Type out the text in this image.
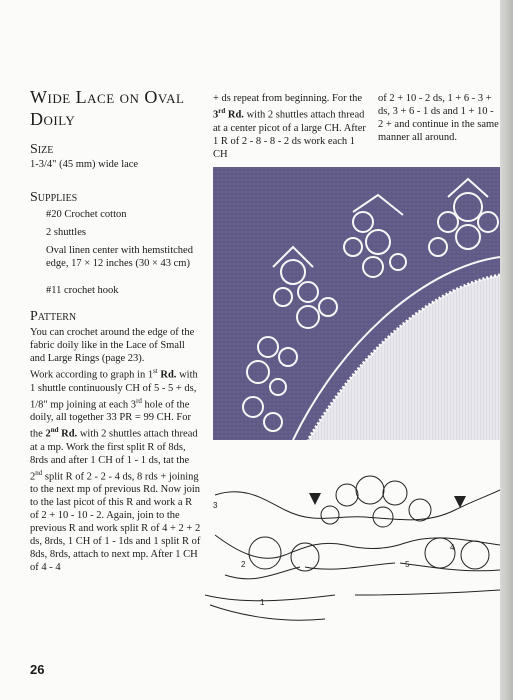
Wide Lace on Oval Doily
Size
1-3/4" (45 mm) wide lace
Supplies
#20 Crochet cotton
2 shuttles
Oval linen center with hemstitched edge, 17 × 12 inches (30 × 43 cm)
#11 crochet hook
Pattern
You can crochet around the edge of the fabric doily like in the Lace of Small and Large Rings (page 23).
Work according to graph in 1st Rd. with 1 shuttle continuously CH of 5 - 5 + ds, 1/8" mp joining at each 3rd hole of the doily, all together 33 PR = 99 CH. For the 2nd Rd. with 2 shuttles attach thread at a mp. Work the first split R of 8ds, 8rds and after 1 CH of 1 - 1 ds, tat the 2nd split R of 2 - 2 - 4 ds, 8 rds + joining to the next mp of previous Rd. Now join to the last picot of this R and work a R of 2 + 10 - 10 - 2. Again, join to the previous R and work split R of 4 + 2 + 2 ds, 8rds, 1 CH of 1 - 1ds and 1 split R of 8ds, 8rds, attach to next mp. After 1 CH of 4 - 4
+ ds repeat from beginning. For the 3rd Rd. with 2 shuttles attach thread at a center picot of a large CH. After 1 R of 2 - 8 - 8 - 2 ds work each 1 CH
of 2 + 10 - 2 ds, 1 + 6 - 3 + ds, 3 + 6 - 1 ds and 1 + 10 - 2 + and continue in the same manner all around.
3
2
1
4
5
26
